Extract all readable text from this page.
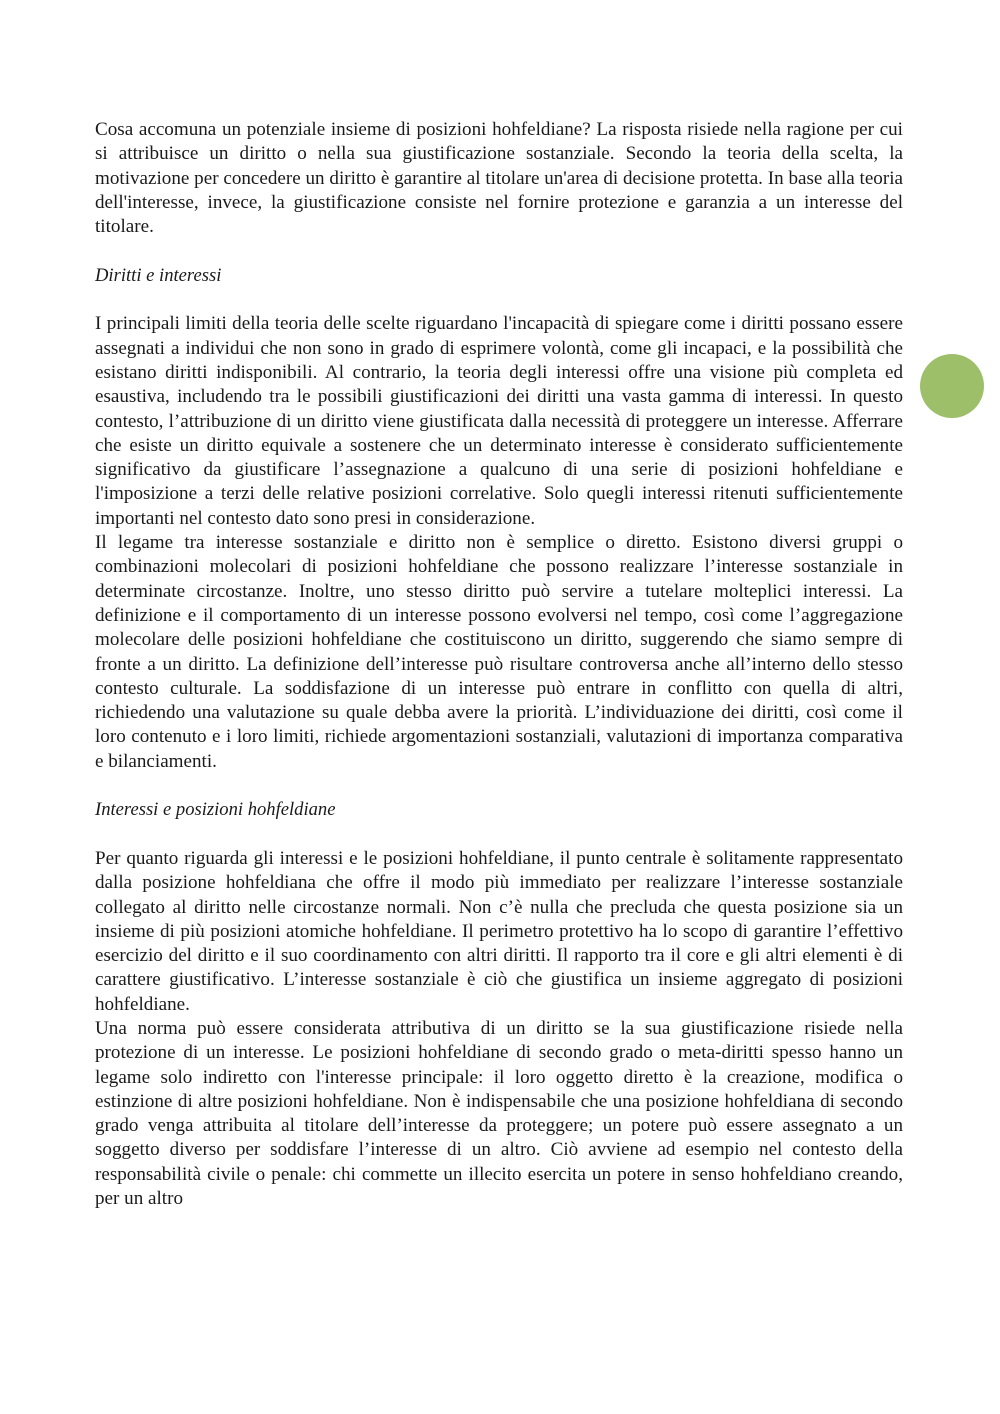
Cosa accomuna un potenziale insieme di posizioni hohfeldiane? La risposta risiede nella ragione per cui si attribuisce un diritto o nella sua giustificazione sostanziale. Secondo la teoria della scelta, la motivazione per concedere un diritto è garantire al titolare un'area di decisione protetta. In base alla teoria dell'interesse, invece, la giustificazione consiste nel fornire protezione e garanzia a un interesse del titolare.

Diritti e interessi

I principali limiti della teoria delle scelte riguardano l'incapacità di spiegare come i diritti possano essere assegnati a individui che non sono in grado di esprimere volontà, come gli incapaci, e la possibilità che esistano diritti indisponibili. Al contrario, la teoria degli interessi offre una visione più completa ed esaustiva, includendo tra le possibili giustificazioni dei diritti una vasta gamma di interessi. In questo contesto, l’attribuzione di un diritto viene giustificata dalla necessità di proteggere un interesse. Afferrare che esiste un diritto equivale a sostenere che un determinato interesse è considerato sufficientemente significativo da giustificare l’assegnazione a qualcuno di una serie di posizioni hohfeldiane e l'imposizione a terzi delle relative posizioni correlative. Solo quegli interessi ritenuti sufficientemente importanti nel contesto dato sono presi in considerazione.

Il legame tra interesse sostanziale e diritto non è semplice o diretto. Esistono diversi gruppi o combinazioni molecolari di posizioni hohfeldiane che possono realizzare l’interesse sostanziale in determinate circostanze. Inoltre, uno stesso diritto può servire a tutelare molteplici interessi. La definizione e il comportamento di un interesse possono evolversi nel tempo, così come l’aggregazione molecolare delle posizioni hohfeldiane che costituiscono un diritto, suggerendo che siamo sempre di fronte a un diritto. La definizione dell’interesse può risultare controversa anche all’interno dello stesso contesto culturale. La soddisfazione di un interesse può entrare in conflitto con quella di altri, richiedendo una valutazione su quale debba avere la priorità. L’individuazione dei diritti, così come il loro contenuto e i loro limiti, richiede argomentazioni sostanziali, valutazioni di importanza comparativa e bilanciamenti.

Interessi e posizioni hohfeldiane

Per quanto riguarda gli interessi e le posizioni hohfeldiane, il punto centrale è solitamente rappresentato dalla posizione hohfeldiana che offre il modo più immediato per realizzare l’interesse sostanziale collegato al diritto nelle circostanze normali. Non c’è nulla che precluda che questa posizione sia un insieme di più posizioni atomiche hohfeldiane. Il perimetro protettivo ha lo scopo di garantire l’effettivo esercizio del diritto e il suo coordinamento con altri diritti. Il rapporto tra il core e gli altri elementi è di carattere giustificativo. L’interesse sostanziale è ciò che giustifica un insieme aggregato di posizioni hohfeldiane.

Una norma può essere considerata attributiva di un diritto se la sua giustificazione risiede nella protezione di un interesse. Le posizioni hohfeldiane di secondo grado o meta-diritti spesso hanno un legame solo indiretto con l'interesse principale: il loro oggetto diretto è la creazione, modifica o estinzione di altre posizioni hohfeldiane. Non è indispensabile che una posizione hohfeldiana di secondo grado venga attribuita al titolare dell’interesse da proteggere; un potere può essere assegnato a un soggetto diverso per soddisfare l’interesse di un altro. Ciò avviene ad esempio nel contesto della responsabilità civile o penale: chi commette un illecito esercita un potere in senso hohfeldiano creando, per un altro
